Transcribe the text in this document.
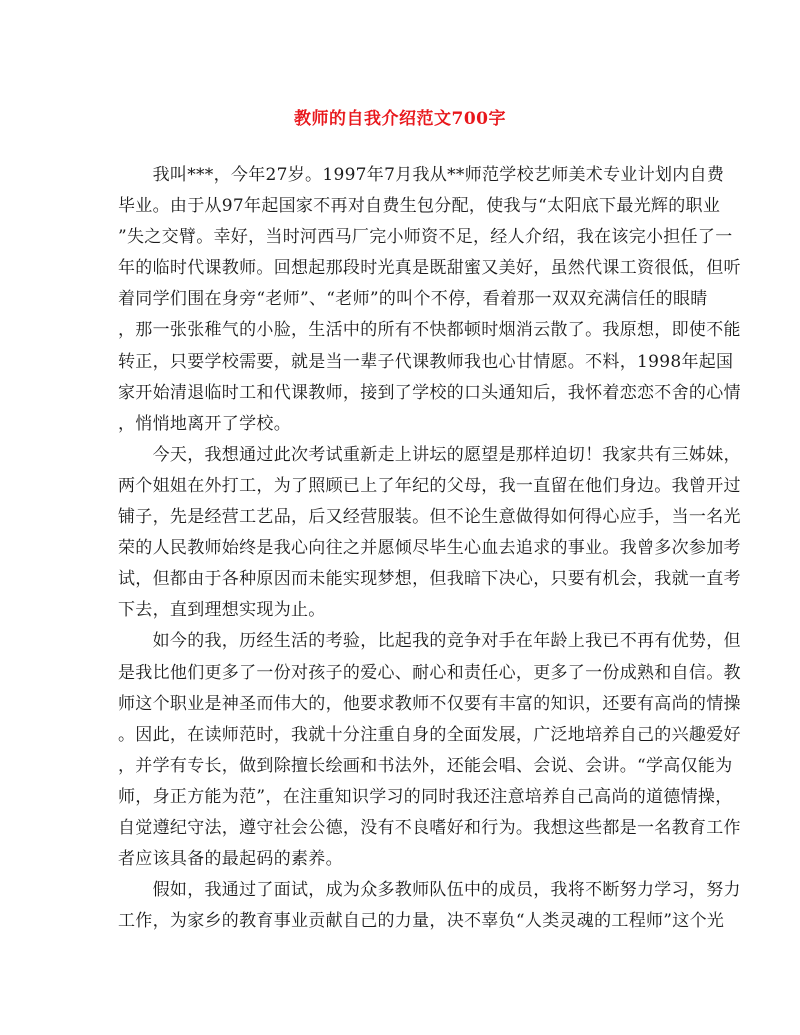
教师的自我介绍范文700字
　　我叫***，今年27岁。1997年7月我从**师范学校艺师美术专业计划内自费
毕业。由于从97年起国家不再对自费生包分配，使我与“太阳底下最光辉的职业
”失之交臂。幸好，当时河西马厂完小师资不足，经人介绍，我在该完小担任了一
年的临时代课教师。回想起那段时光真是既甜蜜又美好，虽然代课工资很低，但听
着同学们围在身旁“老师”、“老师”的叫个不停，看着那一双双充满信任的眼睛
，那一张张稚气的小脸，生活中的所有不快都顿时烟消云散了。我原想，即使不能
转正，只要学校需要，就是当一辈子代课教师我也心甘情愿。不料，1998年起国
家开始清退临时工和代课教师，接到了学校的口头通知后，我怀着恋恋不舍的心情
，悄悄地离开了学校。
　　今天，我想通过此次考试重新走上讲坛的愿望是那样迫切！我家共有三姊妹，
两个姐姐在外打工，为了照顾已上了年纪的父母，我一直留在他们身边。我曾开过
铺子，先是经营工艺品，后又经营服装。但不论生意做得如何得心应手，当一名光
荣的人民教师始终是我心向往之并愿倾尽毕生心血去追求的事业。我曾多次参加考
试，但都由于各种原因而未能实现梦想，但我暗下决心，只要有机会，我就一直考
下去，直到理想实现为止。
　　如今的我，历经生活的考验，比起我的竞争对手在年龄上我已不再有优势，但
是我比他们更多了一份对孩子的爱心、耐心和责任心，更多了一份成熟和自信。教
师这个职业是神圣而伟大的，他要求教师不仅要有丰富的知识，还要有高尚的情操
。因此，在读师范时，我就十分注重自身的全面发展，广泛地培养自己的兴趣爱好
，并学有专长，做到除擅长绘画和书法外，还能会唱、会说、会讲。“学高仅能为
师，身正方能为范”，在注重知识学习的同时我还注意培养自己高尚的道德情操，
自觉遵纪守法，遵守社会公德，没有不良嗜好和行为。我想这些都是一名教育工作
者应该具备的最起码的素养。
　　假如，我通过了面试，成为众多教师队伍中的成员，我将不断努力学习，努力
工作，为家乡的教育事业贡献自己的力量，决不辜负“人类灵魂的工程师”这个光
